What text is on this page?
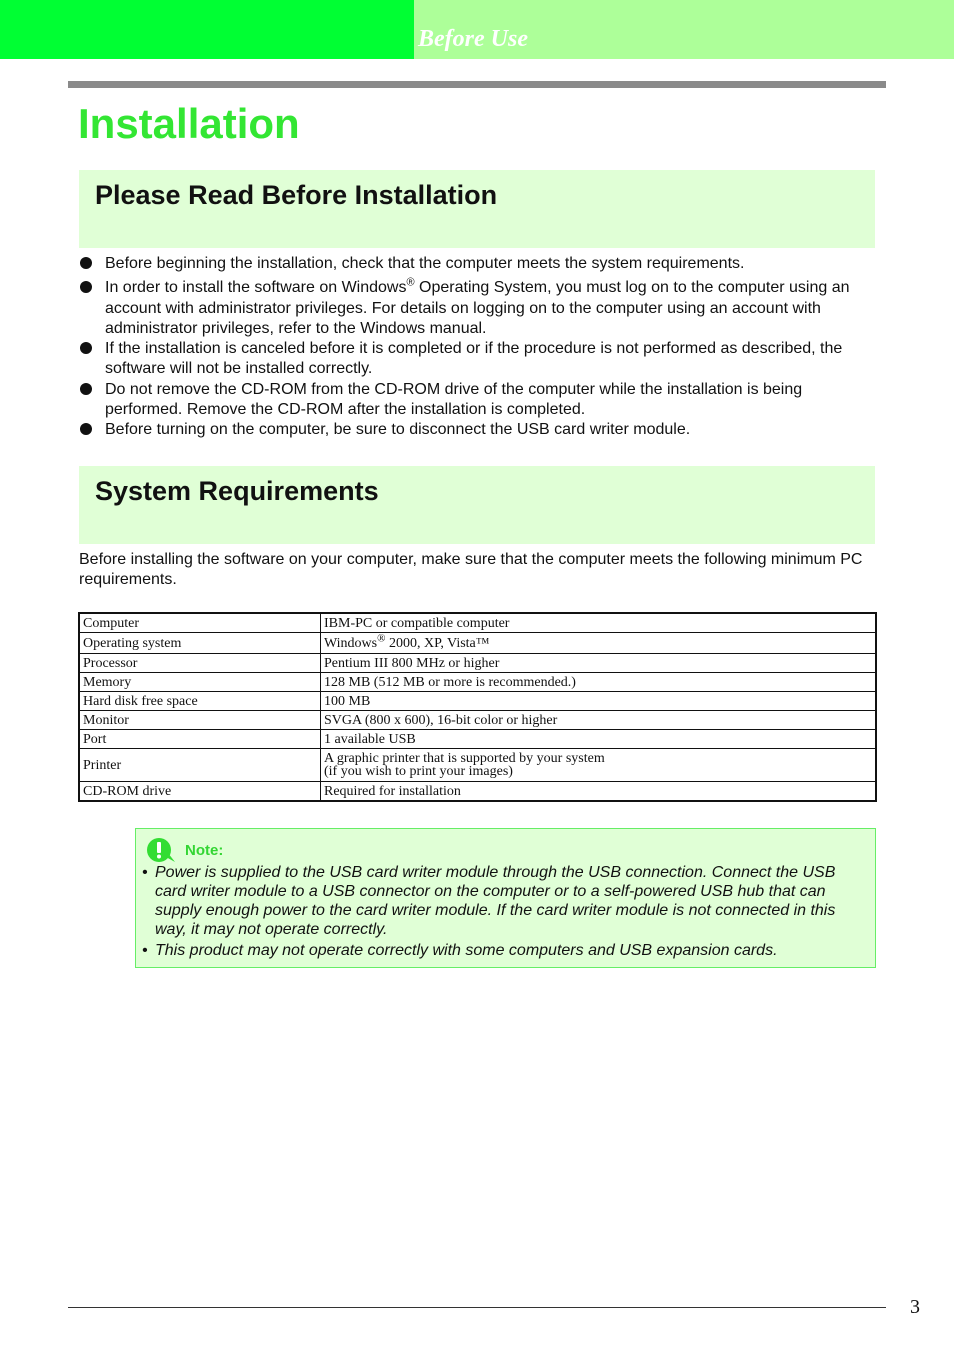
Before Use
Installation
Please Read Before Installation
Before beginning the installation, check that the computer meets the system requirements.
In order to install the software on Windows® Operating System, you must log on to the computer using an account with administrator privileges. For details on logging on to the computer using an account with administrator privileges, refer to the Windows manual.
If the installation is canceled before it is completed or if the procedure is not performed as described, the software will not be installed correctly.
Do not remove the CD-ROM from the CD-ROM drive of the computer while the installation is being performed. Remove the CD-ROM after the installation is completed.
Before turning on the computer, be sure to disconnect the USB card writer module.
System Requirements

Before installing the software on your computer, make sure that the computer meets the following minimum PC requirements.

Computer	IBM-PC or compatible computer
Operating system	Windows® 2000, XP, Vista™
Processor	Pentium III 800 MHz or higher
Memory	128 MB (512 MB or more is recommended.)
Hard disk free space	100 MB
Monitor	SVGA (800 x 600), 16-bit color or higher
Port	1 available USB
Printer	A graphic printer that is supported by your system
(if you wish to print your images)
CD-ROM drive	Required for installation
Note:
• Power is supplied to the USB card writer module through the USB connection. Connect the USB card writer module to a USB connector on the computer or to a self-powered USB hub that can supply enough power to the card writer module. If the card writer module is not connected in this way, it may not operate correctly.
• This product may not operate correctly with some computers and USB expansion cards.
3
